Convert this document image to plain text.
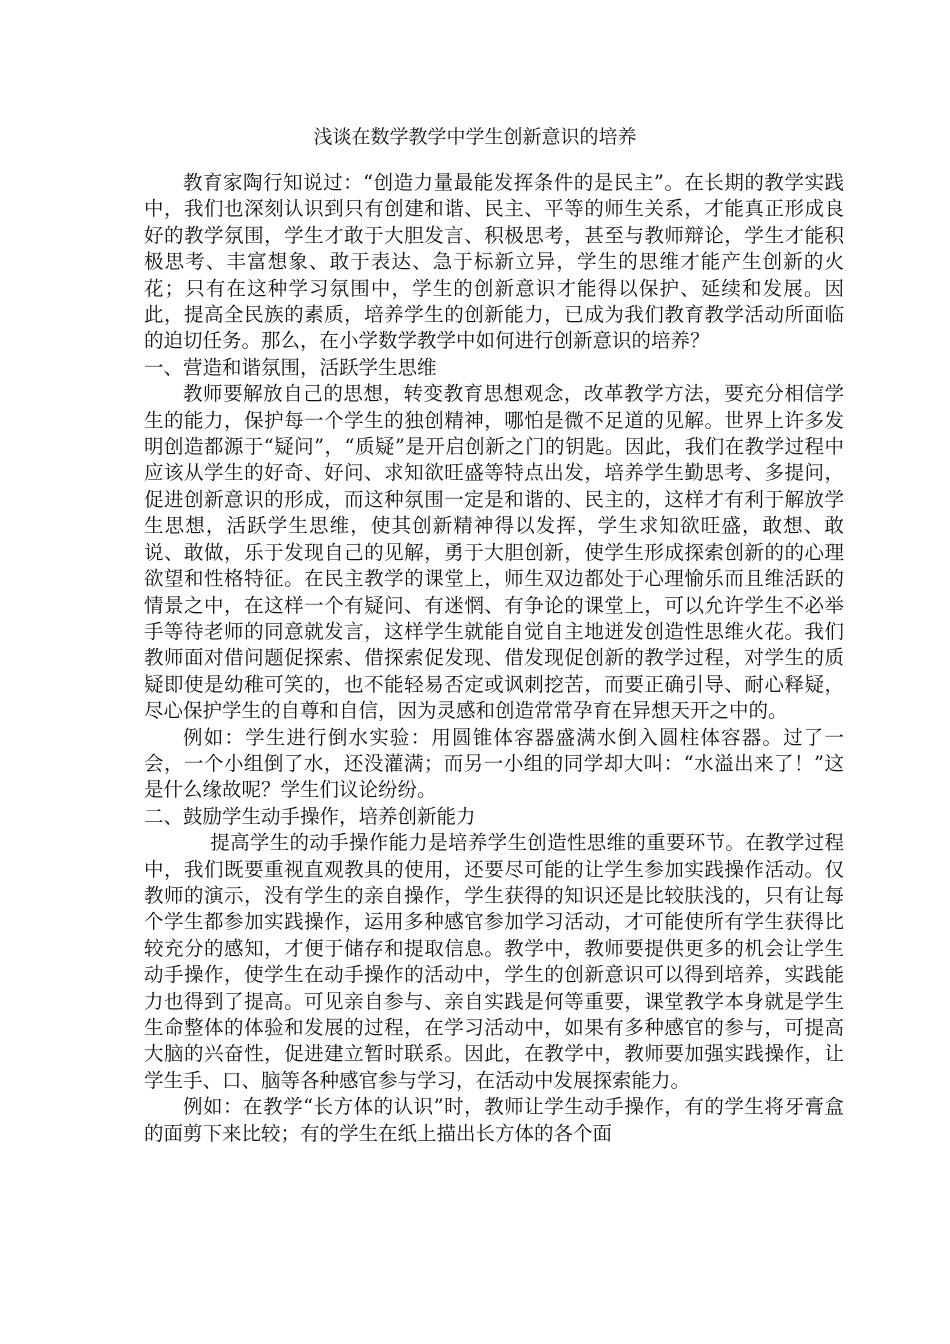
浅谈在数学教学中学生创新意识的培养

教育家陶行知说过：“创造力量最能发挥条件的是民主”。在长期的教学实践中，我们也深刻认识到只有创建和谐、民主、平等的师生关系，才能真正形成良好的教学氛围，学生才敢于大胆发言、积极思考，甚至与教师辩论，学生才能积极思考、丰富想象、敢于表达、急于标新立异，学生的思维才能产生创新的火花；只有在这种学习氛围中，学生的创新意识才能得以保护、延续和发展。因此，提高全民族的素质，培养学生的创新能力，已成为我们教育教学活动所面临的迫切任务。那么，在小学数学教学中如何进行创新意识的培养？

一、营造和谐氛围，活跃学生思维

教师要解放自己的思想，转变教育思想观念，改革教学方法，要充分相信学生的能力，保护每一个学生的独创精神，哪怕是微不足道的见解。世界上许多发明创造都源于“疑问”，“质疑”是开启创新之门的钥匙。因此，我们在教学过程中应该从学生的好奇、好问、求知欲旺盛等特点出发，培养学生勤思考、多提问，促进创新意识的形成，而这种氛围一定是和谐的、民主的，这样才有利于解放学生思想，活跃学生思维，使其创新精神得以发挥，学生求知欲旺盛，敢想、敢说、敢做，乐于发现自己的见解，勇于大胆创新，使学生形成探索创新的的心理欲望和性格特征。在民主教学的课堂上，师生双边都处于心理愉乐而且维活跃的情景之中，在这样一个有疑问、有迷惘、有争论的课堂上，可以允许学生不必举手等待老师的同意就发言，这样学生就能自觉自主地迸发创造性思维火花。我们教师面对借问题促探索、借探索促发现、借发现促创新的教学过程，对学生的质疑即使是幼稚可笑的，也不能轻易否定或讽刺挖苦，而要正确引导、耐心释疑，尽心保护学生的自尊和自信，因为灵感和创造常常孕育在异想天开之中的。

例如：学生进行倒水实验：用圆锥体容器盛满水倒入圆柱体容器。过了一会，一个小组倒了水，还没灌满；而另一小组的同学却大叫：“水溢出来了！”这是什么缘故呢？学生们议论纷纷。

二、鼓励学生动手操作，培养创新能力

提高学生的动手操作能力是培养学生创造性思维的重要环节。在教学过程中，我们既要重视直观教具的使用，还要尽可能的让学生参加实践操作活动。仅教师的演示，没有学生的亲自操作，学生获得的知识还是比较肤浅的，只有让每个学生都参加实践操作，运用多种感官参加学习活动，才可能使所有学生获得比较充分的感知，才便于储存和提取信息。教学中，教师要提供更多的机会让学生动手操作，使学生在动手操作的活动中，学生的创新意识可以得到培养，实践能力也得到了提高。可见亲自参与、亲自实践是何等重要，课堂教学本身就是学生生命整体的体验和发展的过程，在学习活动中，如果有多种感官的参与，可提高大脑的兴奋性，促进建立暂时联系。因此，在教学中，教师要加强实践操作，让学生手、口、脑等各种感官参与学习，在活动中发展探索能力。

例如：在教学“长方体的认识”时，教师让学生动手操作，有的学生将牙膏盒的面剪下来比较；有的学生在纸上描出长方体的各个面
